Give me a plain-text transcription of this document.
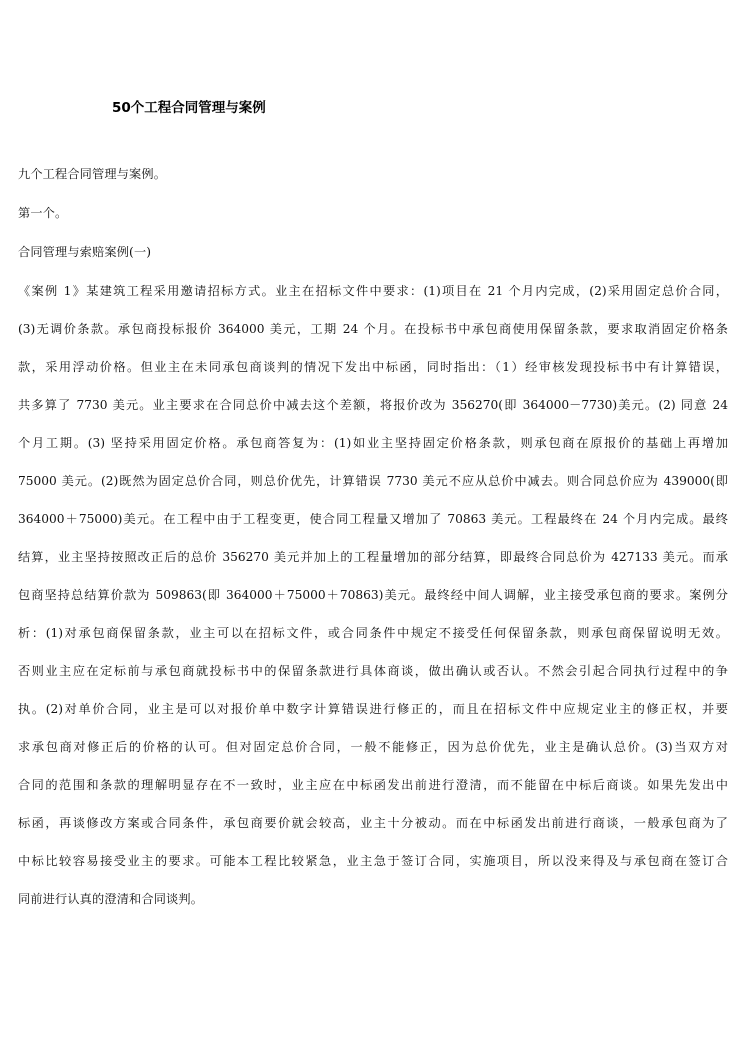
50个工程合同管理与案例
九个工程合同管理与案例。
第一个。
合同管理与索赔案例(一)
《案例 1》某建筑工程采用邀请招标方式。业主在招标文件中要求：(1)项目在 21 个月内完成，(2)采用固定总价合同，
(3)无调价条款。承包商投标报价 364000 美元，工期 24 个月。在投标书中承包商使用保留条款，要求取消固定价格条
款，采用浮动价格。但业主在未同承包商谈判的情况下发出中标函，同时指出：（1）经审核发现投标书中有计算错误，
共多算了 7730 美元。业主要求在合同总价中减去这个差额，将报价改为 356270(即 364000－7730)美元。(2) 同意 24
个月工期。(3) 坚持采用固定价格。承包商答复为：(1)如业主坚持固定价格条款，则承包商在原报价的基础上再增加
75000 美元。(2)既然为固定总价合同，则总价优先，计算错误 7730 美元不应从总价中减去。则合同总价应为 439000(即
364000＋75000)美元。在工程中由于工程变更，使合同工程量又增加了 70863 美元。工程最终在 24 个月内完成。最终
结算，业主坚持按照改正后的总价 356270 美元并加上的工程量增加的部分结算，即最终合同总价为 427133 美元。而承
包商坚持总结算价款为 509863(即 364000＋75000＋70863)美元。最终经中间人调解，业主接受承包商的要求。案例分
析：(1)对承包商保留条款，业主可以在招标文件，或合同条件中规定不接受任何保留条款，则承包商保留说明无效。
否则业主应在定标前与承包商就投标书中的保留条款进行具体商谈，做出确认或否认。不然会引起合同执行过程中的争
执。(2)对单价合同，业主是可以对报价单中数字计算错误进行修正的，而且在招标文件中应规定业主的修正权，并要
求承包商对修正后的价格的认可。但对固定总价合同，一般不能修正，因为总价优先，业主是确认总价。(3)当双方对
合同的范围和条款的理解明显存在不一致时，业主应在中标函发出前进行澄清，而不能留在中标后商谈。如果先发出中
标函，再谈修改方案或合同条件，承包商要价就会较高，业主十分被动。而在中标函发出前进行商谈，一般承包商为了
中标比较容易接受业主的要求。可能本工程比较紧急，业主急于签订合同，实施项目，所以没来得及与承包商在签订合
同前进行认真的澄清和合同谈判。
